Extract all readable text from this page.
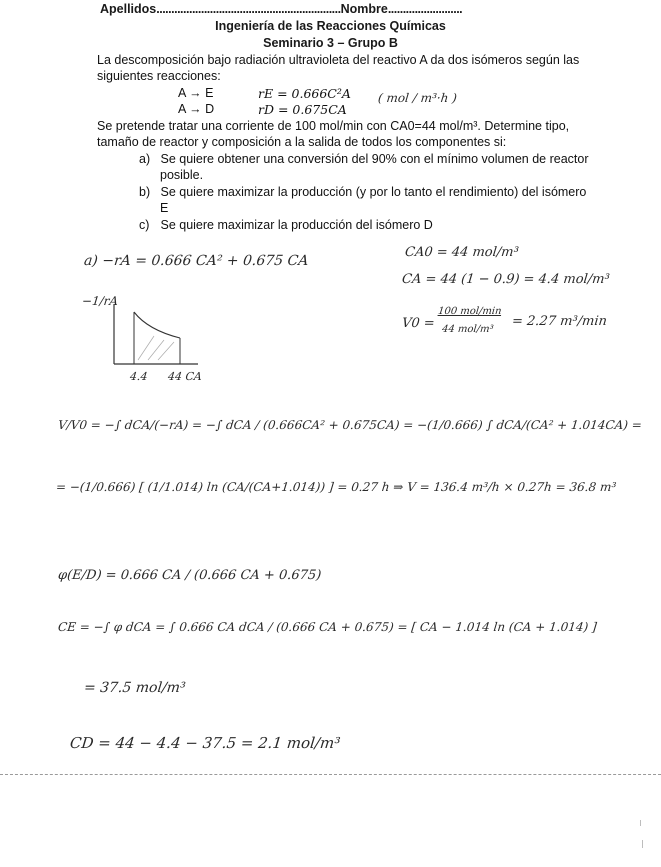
Apellidos..............................................................Nombre.........................
Ingeniería de las Reacciones Químicas
Seminario 3 – Grupo B
La descomposición bajo radiación ultravioleta del reactivo A da dos isómeros según las
siguientes reacciones:
A → E	rE = 0.666C²A
A → D	rD = 0.675CA
( mol / m³·h )
Se pretende tratar una corriente de 100 mol/min con CA0=44 mol/m³. Determine tipo,
tamaño de reactor y composición a la salida de todos los componentes si:
a) Se quiere obtener una conversión del 90% con el mínimo volumen de reactor
posible.
b) Se quiere maximizar la producción (y por lo tanto el rendimiento) del isómero
E
c) Se quiere maximizar la producción del isómero D
a) −rA = 0.666 CA² + 0.675 CA
CA0 = 44 mol/m³
CA = 44 (1 − 0.9) = 4.4 mol/m³
V0 =
100 mol/min
44 mol/m³
= 2.27 m³/min
−1/rA
4.4 44 CA
V/V0 = −∫ dCA/(−rA) = −∫ dCA / (0.666CA² + 0.675CA) = −(1/0.666) ∫ dCA/(CA² + 1.014CA) =
= −(1/0.666) [ (1/1.014) ln (CA/(CA+1.014)) ] = 0.27 h ⇒ V = 136.4 m³/h × 0.27h = 36.8 m³
φ(E/D) = 0.666 CA / (0.666 CA + 0.675)
CE = −∫ φ dCA = ∫ 0.666 CA dCA / (0.666 CA + 0.675) = [ CA − 1.014 ln (CA + 1.014) ]
= 37.5 mol/m³
CD = 44 − 4.4 − 37.5 = 2.1 mol/m³
